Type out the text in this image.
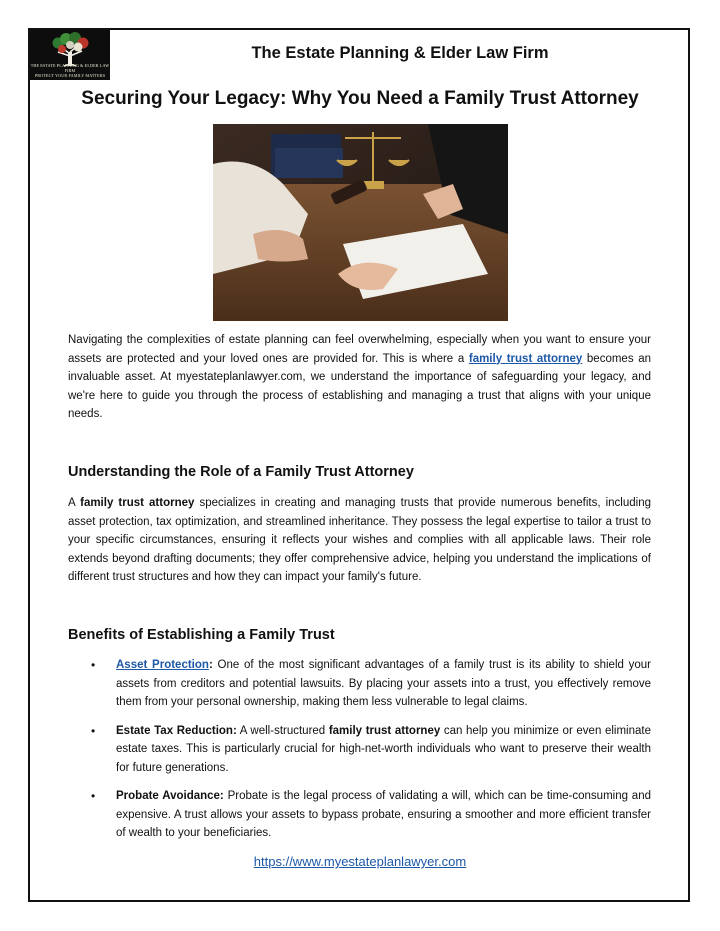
THE ESTATE PLANNING & ELDER LAW FIRM
PROTECT YOUR FAMILY MATTERS
The Estate Planning & Elder Law Firm
Securing Your Legacy: Why You Need a Family Trust Attorney

Navigating the complexities of estate planning can feel overwhelming, especially when you want to ensure your assets are protected and your loved ones are provided for. This is where a family trust attorney becomes an invaluable asset. At myestateplanlawyer.com, we understand the importance of safeguarding your legacy, and we're here to guide you through the process of establishing and managing a trust that aligns with your unique needs.

Understanding the Role of a Family Trust Attorney

A family trust attorney specializes in creating and managing trusts that provide numerous benefits, including asset protection, tax optimization, and streamlined inheritance. They possess the legal expertise to tailor a trust to your specific circumstances, ensuring it reflects your wishes and complies with all applicable laws. Their role extends beyond drafting documents; they offer comprehensive advice, helping you understand the implications of different trust structures and how they can impact your family's future.

Benefits of Establishing a Family Trust
• Asset Protection: One of the most significant advantages of a family trust is its ability to shield your assets from creditors and potential lawsuits. By placing your assets into a trust, you effectively remove them from your personal ownership, making them less vulnerable to legal claims.
• Estate Tax Reduction: A well-structured family trust attorney can help you minimize or even eliminate estate taxes. This is particularly crucial for high-net-worth individuals who want to preserve their wealth for future generations.
• Probate Avoidance: Probate is the legal process of validating a will, which can be time-consuming and expensive. A trust allows your assets to bypass probate, ensuring a smoother and more efficient transfer of wealth to your beneficiaries.
https://www.myestateplanlawyer.com
